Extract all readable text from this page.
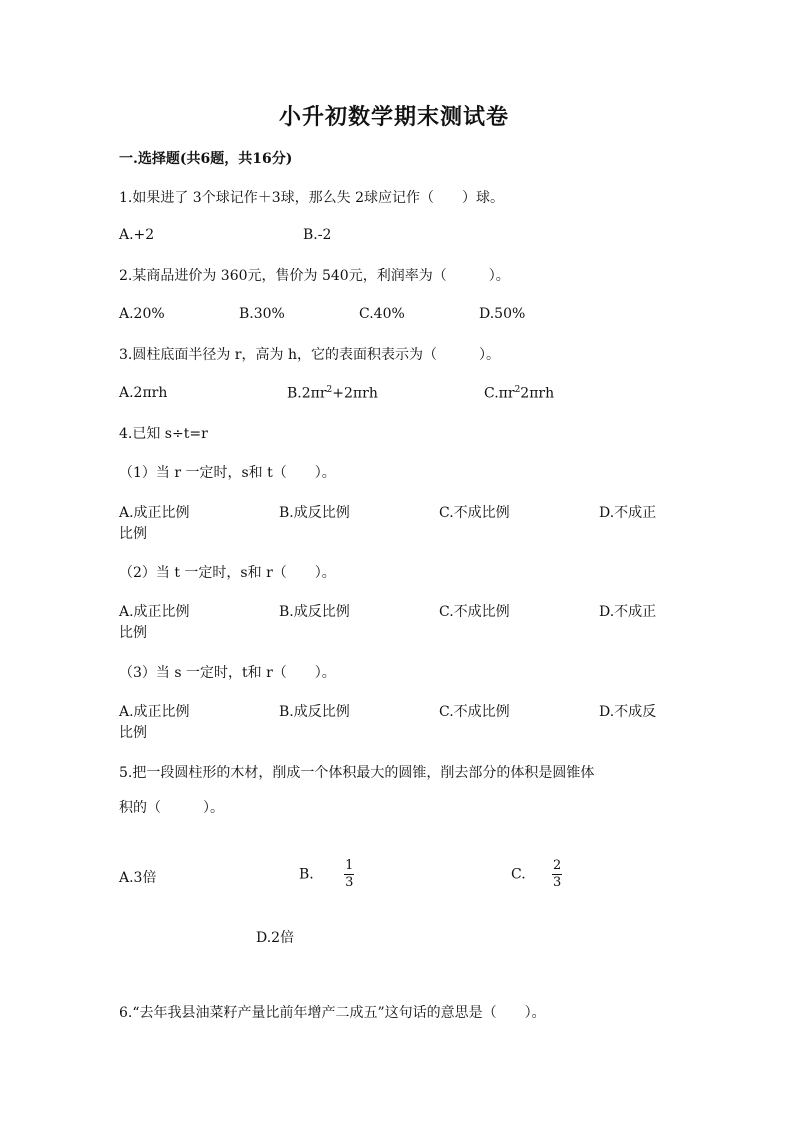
小升初数学期末测试卷
一.选择题(共6题，共16分)
1.如果进了 3个球记作＋3球，那么失 2球应记作（　　）球。
A.+2	B.-2
2.某商品进价为 360元，售价为 540元，利润率为（　　　）。
A.20%	B.30%	C.40%	D.50%
3.圆柱底面半径为 r，高为 h，它的表面积表示为（　　　）。
A.2πrh	$B.2\pi r^2+2\pi rh$	$C.\pi r^22\pi rh$
4.已知 s÷t=r
（1）当 r 一定时，s和 t（　　）。
A.成正比例	B.成反比例	C.不成比例	D.不成正
比例
（2）当 t 一定时，s和 r（　　）。
A.成正比例	B.成反比例	C.不成比例	D.不成正
比例
（3）当 s 一定时，t和 r（　　）。
A.成正比例	B.成反比例	C.不成比例	D.不成反
比例
5.把一段圆柱形的木材，削成一个体积最大的圆锥，削去部分的体积是圆锥体
积的（　　　）。
A.3倍	B. $\frac{1}{3}$	C. $\frac{2}{3}$
D.2倍
6.“去年我县油菜籽产量比前年增产二成五”这句话的意思是（　　）。
